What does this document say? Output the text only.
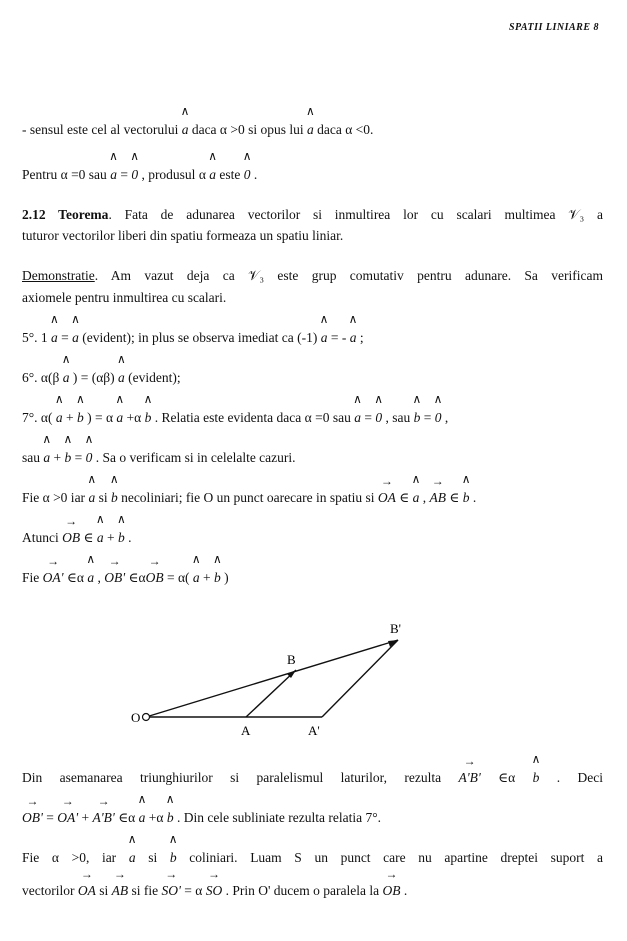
SPATII LINIARE 8
- sensul este cel al vectorului ∧ a daca α >0 si opus lui ∧ a daca α <0.
Pentru α =0 sau ∧ a = ∧ 0 , produsul α ∧ a este ∧ 0 .
2.12 Teorema. Fata de adunarea vectorilor si inmultirea lor cu scalari multimea 𝒱₃ a
tuturor vectorilor liberi din spatiu formeaza un spatiu liniar.
Demonstratie. Am vazut deja ca 𝒱₃ este grup comutativ pentru adunare. Sa verificam
axiomele pentru inmultirea cu scalari.
5°. 1 ∧ a = ∧ a (evident); in plus se observa imediat ca (-1) ∧ a = - ∧ a ;
6°. α(β ∧ a ) = (αβ) ∧ a (evident);
7°. α( ∧ a + ∧ b ) = α ∧ a +α ∧ b . Relatia este evidenta daca α =0 sau ∧ a = ∧ 0 , sau ∧ b = ∧ 0 ,
sau ∧ a + ∧ b = ∧ 0 . Sa o verificam si in celelalte cazuri.
Fie α >0 iar ∧ a si ∧ b necoliniari; fie O un punct oarecare in spatiu si → OA ∈ ∧ a , → AB ∈ ∧ b .
Atunci → OB ∈ ∧ a + ∧ b .
Fie → OA' ∈α ∧ a , → OB' ∈α→ OB = α( ∧ a + ∧ b )
O
A
B
A'
B'
Din asemanarea triunghiurilor si paralelismul laturilor, rezulta → A'B' ∈α ∧ b . Deci
→ OB' = → OA' + → A'B' ∈α ∧ a +α ∧ b . Din cele subliniate rezulta relatia 7°.
Fie α >0, iar ∧ a si ∧ b coliniari. Luam S un punct care nu apartine dreptei suport a
vectorilor → OA si → AB si fie → SO' = α → SO . Prin O' ducem o paralela la → OB .
